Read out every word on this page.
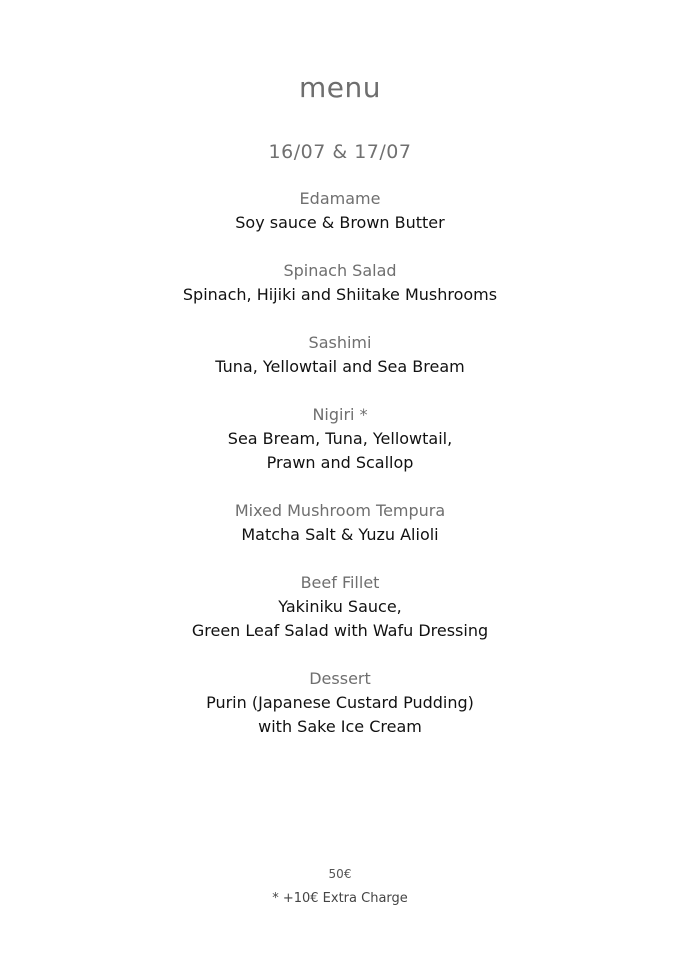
menu
16/07 & 17/07
Edamame
Soy sauce & Brown Butter
Spinach Salad
Spinach, Hijiki and Shiitake Mushrooms
Sashimi
Tuna, Yellowtail and Sea Bream
Nigiri *
Sea Bream, Tuna, Yellowtail,
Prawn and Scallop
Mixed Mushroom Tempura
Matcha Salt & Yuzu Alioli
Beef Fillet
Yakiniku Sauce,
Green Leaf Salad with Wafu Dressing
Dessert
Purin (Japanese Custard Pudding)
with Sake Ice Cream
50€
* +10€ Extra Charge
